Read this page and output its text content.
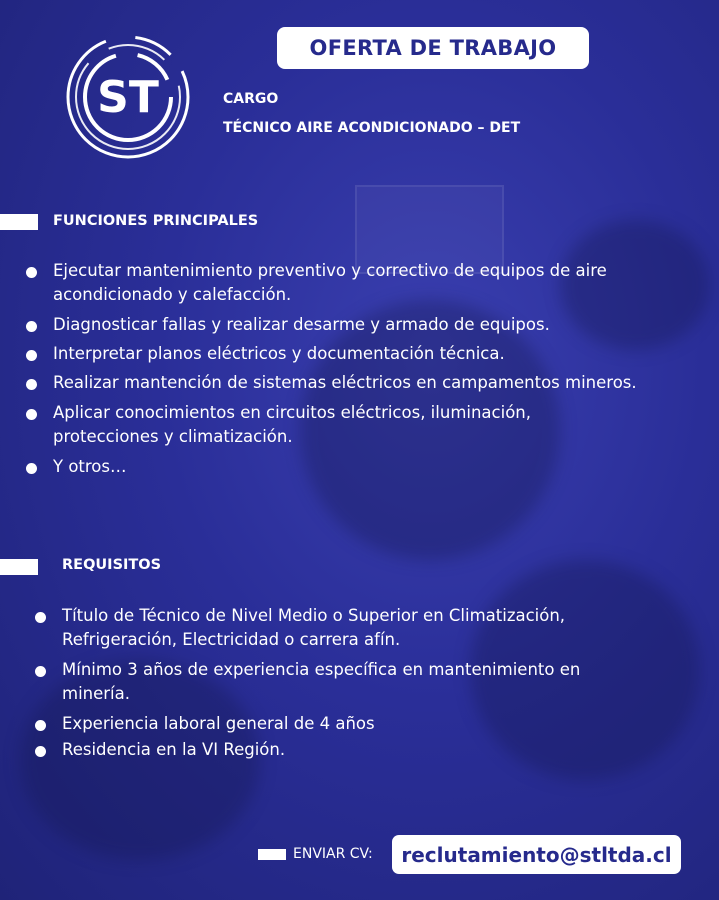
ST
OFERTA DE TRABAJO
CARGO
TÉCNICO AIRE ACONDICIONADO – DET
FUNCIONES PRINCIPALES
Ejecutar mantenimiento preventivo y correctivo de equipos de aire acondicionado y calefacción.
Diagnosticar fallas y realizar desarme y armado de equipos.
Interpretar planos eléctricos y documentación técnica.
Realizar mantención de sistemas eléctricos en campamentos mineros.
Aplicar conocimientos en circuitos eléctricos, iluminación, protecciones y climatización.
Y otros…
REQUISITOS
Título de Técnico de Nivel Medio o Superior en Climatización, Refrigeración, Electricidad o carrera afín.
Mínimo 3 años de experiencia específica en mantenimiento en minería.
Experiencia laboral general de 4 años
Residencia en la VI Región.
ENVIAR CV: reclutamiento@stltda.cl
